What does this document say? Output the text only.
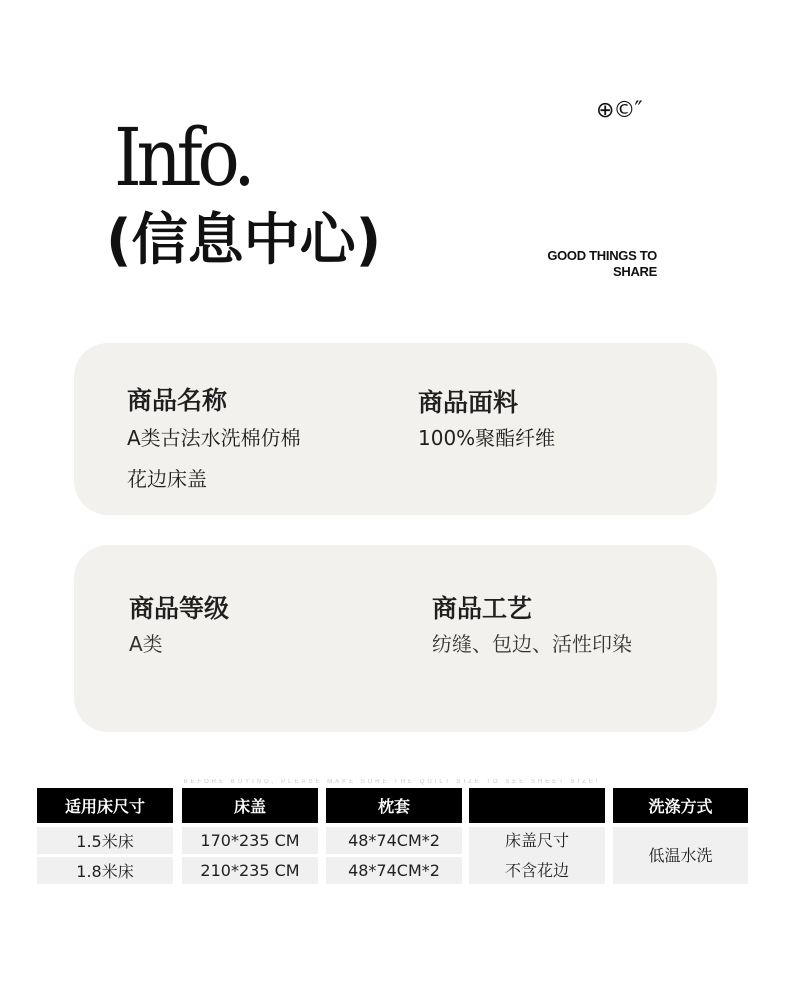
⊕©″
Info.
(信息中心)	GOOD THINGS TO
SHARE
商品名称
A类古法水洗棉仿棉
花边床盖
商品面料
100%聚酯纤维
商品等级
A类
商品工艺
纺缝、包边、活性印染
BEFORE BUYING, PLEASE MAKE SURE THE QUILT SIZE TO SEE SHEET SIZE!
适用床尺寸
1.5米床
1.8米床
床盖
170*235 CM
210*235 CM
枕套
48*74CM*2
48*74CM*2
床盖尺寸
不含花边
洗涤方式
低温水洗
